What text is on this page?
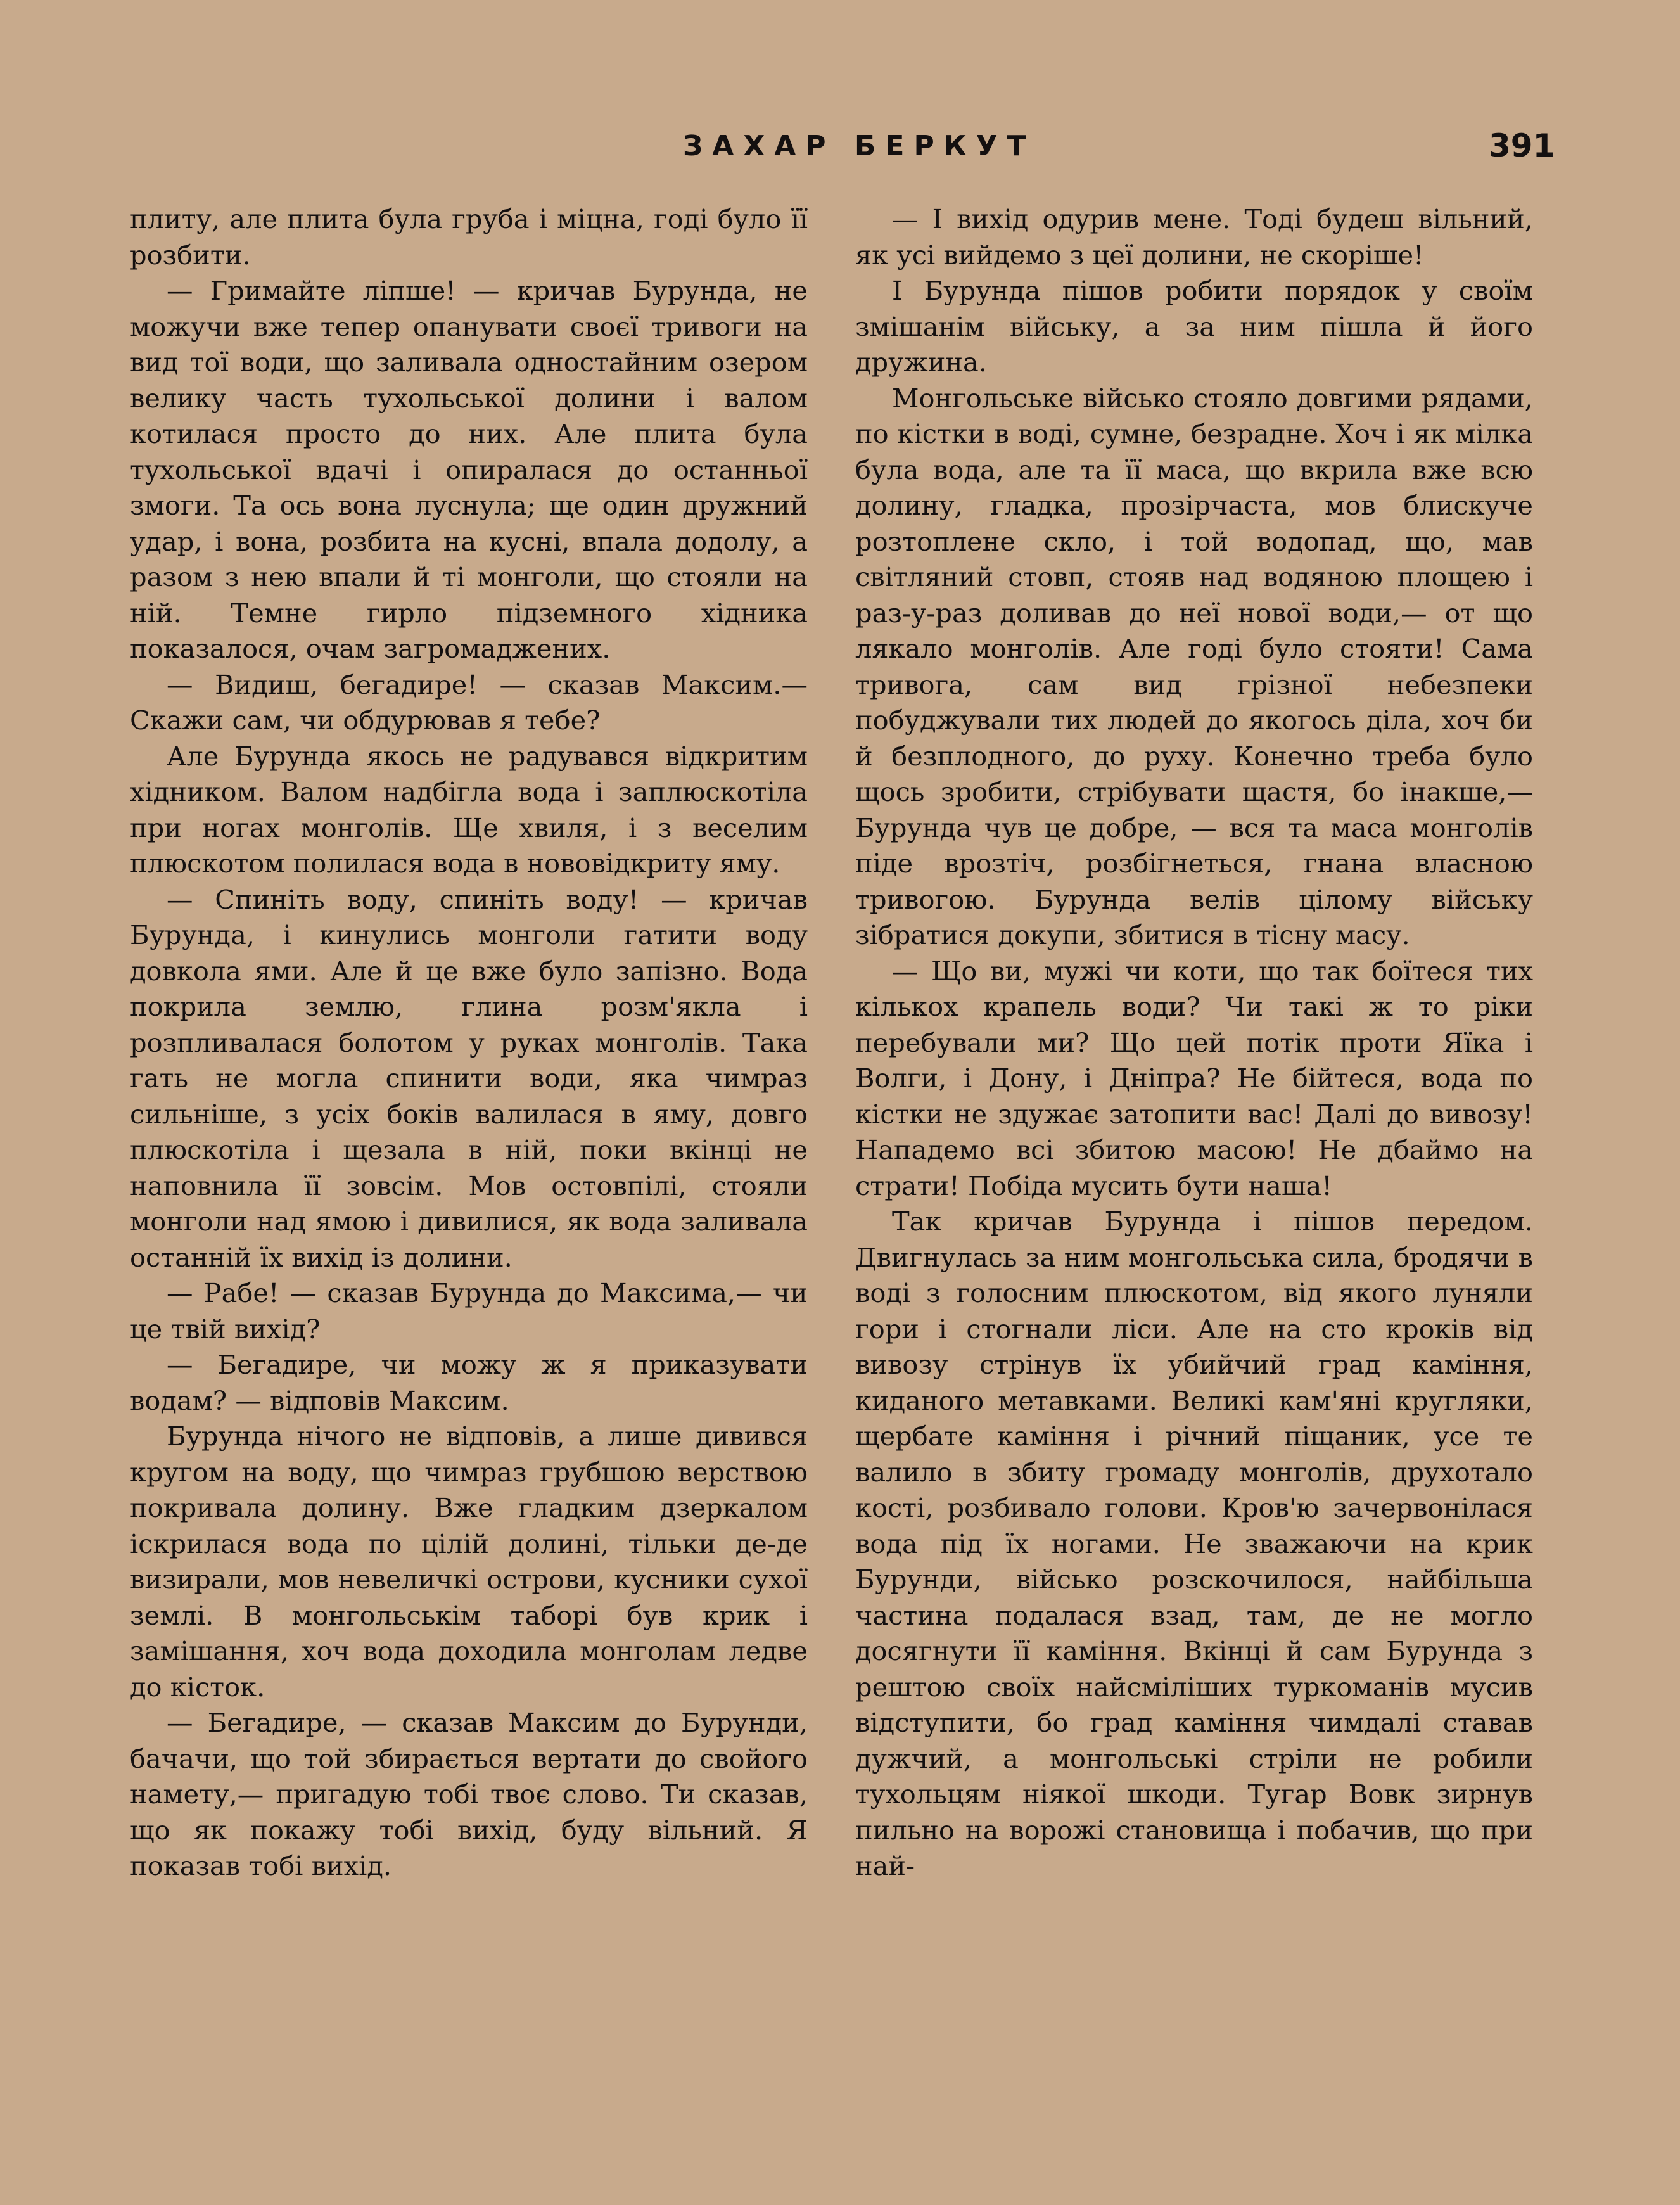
ЗАХАР БЕРКУТ	391

плиту, але плита була груба і міцна, годі було її розбити.

— Гримайте ліпше! — кричав Бурунда, не можучи вже тепер опанувати своєї тривоги на вид тої води, що заливала одностайним озером велику часть тухольської долини і валом котилася просто до них. Але плита була тухольської вдачі і опиралася до останньої змоги. Та ось вона луснула; ще один дружний удар, і вона, розбита на кусні, впала додолу, а разом з нею впали й ті монголи, що стояли на ній. Темне гирло підземного хідника показалося, очам загромаджених.

— Видиш, бегадире! — сказав Максим.— Скажи сам, чи обдурював я тебе?

Але Бурунда якось не радувався відкритим хідником. Валом надбігла вода і заплюскотіла при ногах монголів. Ще хвиля, і з веселим плюскотом полилася вода в нововідкриту яму.

— Спиніть воду, спиніть воду! — кричав Бурунда, і кинулись монголи гатити воду довкола ями. Але й це вже було запізно. Вода покрила землю, глина розм'якла і розпливалася болотом у руках монголів. Така гать не могла спинити води, яка чимраз сильніше, з усіх боків валилася в яму, довго плюскотіла і щезала в ній, поки вкінці не наповнила її зовсім. Мов остовпілі, стояли монголи над ямою і дивилися, як вода заливала останній їх вихід із долини.

— Рабе! — сказав Бурунда до Максима,— чи це твій вихід?

— Бегадире, чи можу ж я приказувати водам? — відповів Максим.

Бурунда нічого не відповів, а лише дивився кругом на воду, що чимраз грубшою верствою покривала долину. Вже гладким дзеркалом іскрилася вода по цілій долині, тільки де-де визирали, мов невеличкі острови, кусники сухої землі. В монгольськім таборі був крик і замішання, хоч вода доходила монголам ледве до кісток.

— Бегадире, — сказав Максим до Бурунди, бачачи, що той збирається вертати до свойого намету,— пригадую тобі твоє слово. Ти сказав, що як покажу тобі вихід, буду вільний. Я показав тобі вихід.

— І вихід одурив мене. Тоді будеш вільний, як усі вийдемо з цеї долини, не скоріше!

І Бурунда пішов робити порядок у своїм змішанім війську, а за ним пішла й його дружина.

Монгольське військо стояло довгими рядами, по кістки в воді, сумне, безрадне. Хоч і як мілка була вода, але та її маса, що вкрила вже всю долину, гладка, прозірчаста, мов блискуче розтоплене скло, і той водопад, що, мав світляний стовп, стояв над водяною площею і раз-у-раз доливав до неї нової води,— от що лякало монголів. Але годі було стояти! Сама тривога, сам вид грізної небезпеки побуджували тих людей до якогось діла, хоч би й безплодного, до руху. Конечно треба було щось зробити, стрібувати щастя, бо інакше,— Бурунда чув це добре, — вся та маса монголів піде врозтіч, розбігнеться, гнана власною тривогою. Бурунда велів цілому війську зібратися докупи, збитися в тісну масу.

— Що ви, мужі чи коти, що так боїтеся тих кількох крапель води? Чи такі ж то ріки перебували ми? Що цей потік проти Яїка і Волги, і Дону, і Дніпра? Не бійтеся, вода по кістки не здужає затопити вас! Далі до вивозу! Нападемо всі збитою масою! Не дбаймо на страти! Побіда мусить бути наша!

Так кричав Бурунда і пішов передом. Двигнулась за ним монгольська сила, бродячи в воді з голосним плюскотом, від якого луняли гори і стогнали ліси. Але на сто кроків від вивозу стрінув їх убийчий град каміння, киданого метавками. Великі кам'яні кругляки, щербате каміння і річний піщаник, усе те валило в збиту громаду монголів, друхотало кості, розбивало голови. Кров'ю зачервонілася вода під їх ногами. Не зважаючи на крик Бурунди, військо розскочилося, найбільша частина подалася взад, там, де не могло досягнути її каміння. Вкінці й сам Бурунда з рештою своїх найсміліших туркоманів мусив відступити, бо град каміння чимдалі ставав дужчий, а монгольські стріли не робили тухольцям ніякої шкоди. Тугар Вовк зирнув пильно на ворожі становища і побачив, що при най-
